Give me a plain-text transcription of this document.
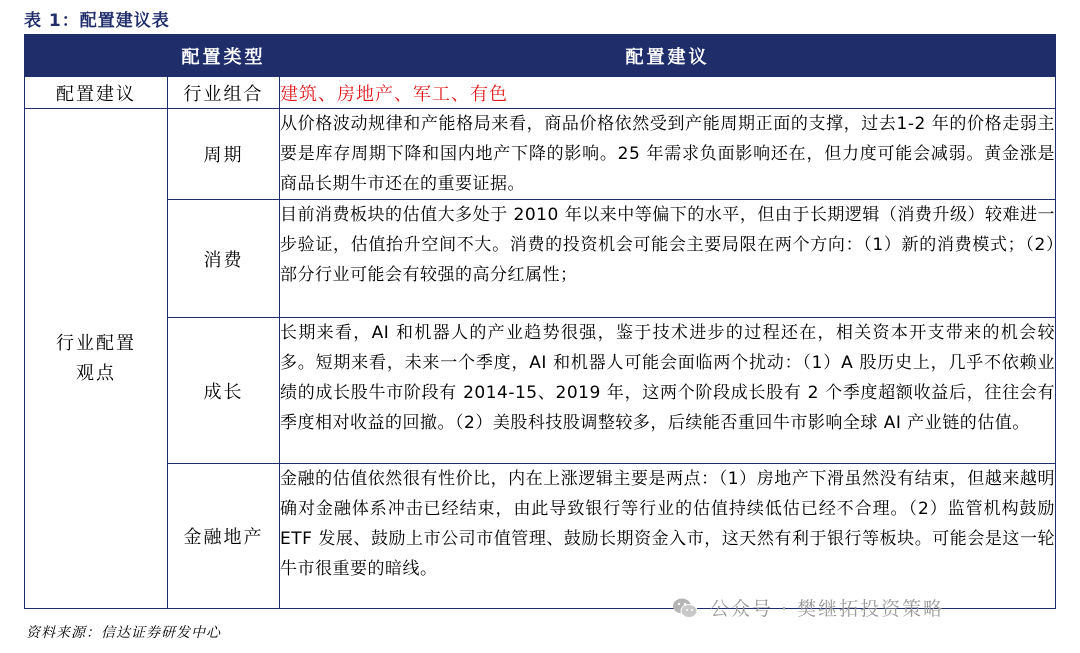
表 1：配置建议表
	配置类型	配置建议
配置建议	行业组合	建筑、房地产、军工、有色
行业配置观点	周期	从价格波动规律和产能格局来看，商品价格依然受到产能周期正面的支撑，过去1-2 年的价格走弱主要是库存周期下降和国内地产下降的影响。25 年需求负面影响还在，但力度可能会减弱。黄金涨是商品长期牛市还在的重要证据。
	消费	目前消费板块的估值大多处于 2010 年以来中等偏下的水平，但由于长期逻辑（消费升级）较难进一步验证，估值抬升空间不大。消费的投资机会可能会主要局限在两个方向：（1）新的消费模式；（2）部分行业可能会有较强的高分红属性；
	成长	长期来看，AI 和机器人的产业趋势很强，鉴于技术进步的过程还在，相关资本开支带来的机会较多。短期来看，未来一个季度，AI 和机器人可能会面临两个扰动：（1）A 股历史上，几乎不依赖业绩的成长股牛市阶段有 2014-15、2019 年，这两个阶段成长股有 2 个季度超额收益后，往往会有季度相对收益的回撤。（2）美股科技股调整较多，后续能否重回牛市影响全球 AI 产业链的估值。
	金融地产	金融的估值依然很有性价比，内在上涨逻辑主要是两点：（1）房地产下滑虽然没有结束，但越来越明确对金融体系冲击已经结束，由此导致银行等行业的估值持续低估已经不合理。（2）监管机构鼓励 ETF 发展、鼓励上市公司市值管理、鼓励长期资金入市，这天然有利于银行等板块。可能会是这一轮牛市很重要的暗线。
公众号 · 樊继拓投资策略
资料来源：信达证券研发中心
